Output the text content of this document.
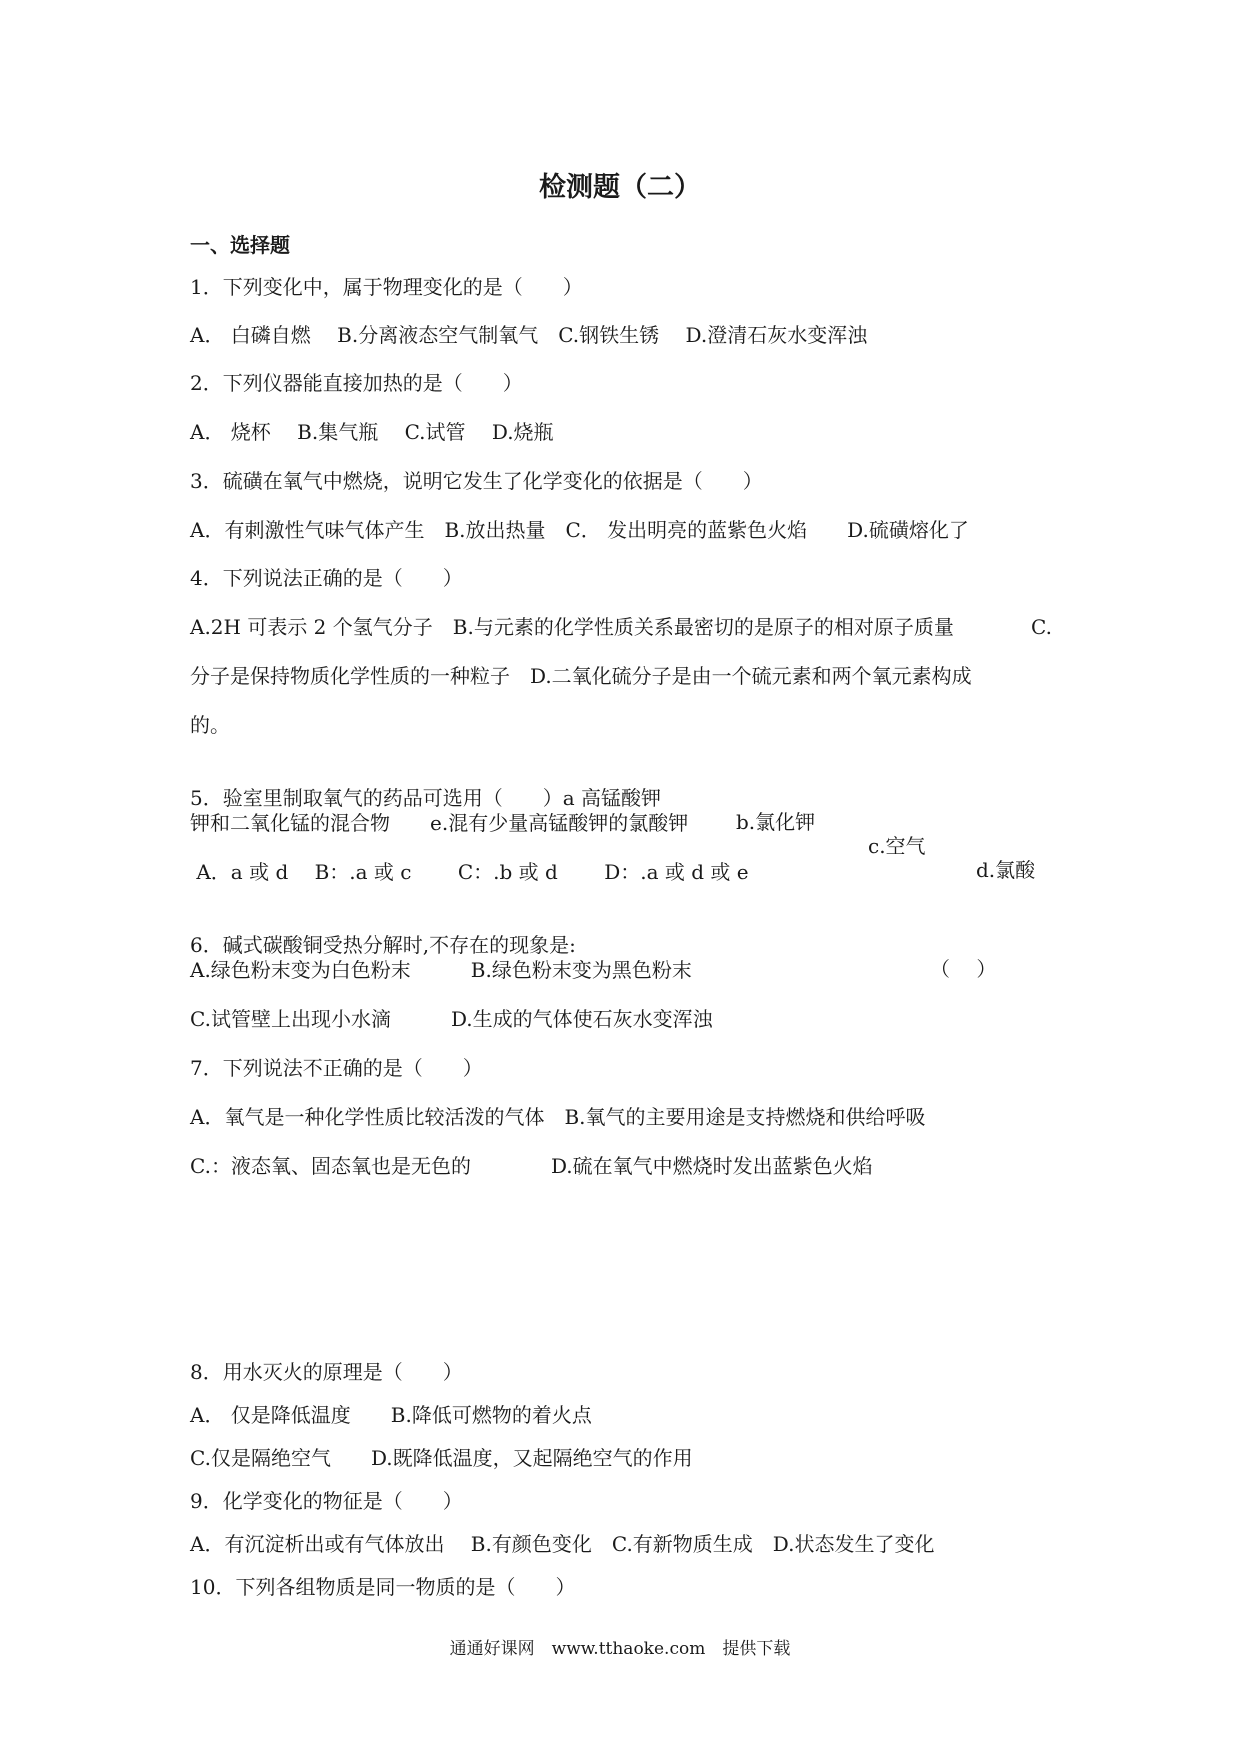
检测题（二）
一、选择题
1．下列变化中，属于物理变化的是（　　）
A． 白磷自燃　 B.分离液态空气制氧气　C.钢铁生锈　 D.澄清石灰水变浑浊
2．下列仪器能直接加热的是（　　）
A． 烧杯　 B.集气瓶　 C.试管　 D.烧瓶
3．硫磺在氧气中燃烧，说明它发生了化学变化的依据是（　　）
A．有刺激性气味气体产生　B.放出热量　C． 发出明亮的蓝紫色火焰　　D.硫磺熔化了
4．下列说法正确的是（　　）
A.2H 可表示 2 个氢气分子　B.与元素的化学性质关系最密切的是原子的相对原子质量	C.
分子是保持物质化学性质的一种粒子　D.二氧化硫分子是由一个硫元素和两个氧元素构成
的。

5．验室里制取氧气的药品可选用（　　）a 高锰酸钾

b.氯化钾

c.空气

d.氯酸

钾和二氧化锰的混合物　　e.混有少量高锰酸钾的氯酸钾
A．a 或 d　 B：.a 或 c　　 C：.b 或 d　　 D：.a 或 d 或 e

6．碱式碳酸铜受热分解时,不存在的现象是:

（　 ）

A.绿色粉末变为白色粉末　　　B.绿色粉末变为黑色粉末
C.试管壁上出现小水滴　　　D.生成的气体使石灰水变浑浊
7．下列说法不正确的是（　　）
A．氧气是一种化学性质比较活泼的气体　B.氧气的主要用途是支持燃烧和供给呼吸
C.：液态氧、固态氧也是无色的　　　　D.硫在氧气中燃烧时发出蓝紫色火焰
8．用水灭火的原理是（　　）
A． 仅是降低温度　　B.降低可燃物的着火点
C.仅是隔绝空气　　D.既降低温度，又起隔绝空气的作用
9．化学变化的物征是（　　）
A．有沉淀析出或有气体放出　 B.有颜色变化　C.有新物质生成　D.状态发生了变化
10．下列各组物质是同一物质的是（　　）
通通好课网　www.tthaoke.com　提供下载
